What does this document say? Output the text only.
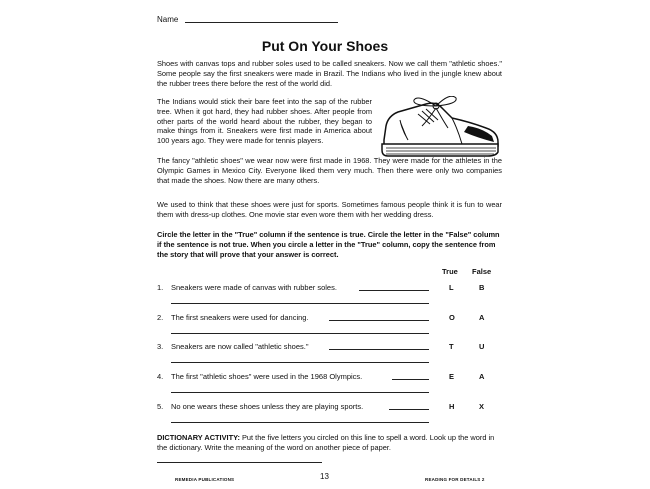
Name
Put On Your Shoes
Shoes with canvas tops and rubber soles used to be called sneakers. Now we call them "athletic shoes." Some people say the first sneakers were made in Brazil. The Indians who lived in the jungle knew about the rubber trees there before the rest of the world did.
The Indians would stick their bare feet into the sap of the rubber tree. When it got hard, they had rubber shoes. After people from other parts of the world heard about the rubber, they began to make things from it. Sneakers were first made in America about 100 years ago. They were made for tennis players.
The fancy "athletic shoes" we wear now were first made in 1968. They were made for the athletes in the Olympic Games in Mexico City. Everyone liked them very much. Then there were only two companies that made the shoes. Now there are many others.
We used to think that these shoes were just for sports. Sometimes famous people think it is fun to wear them with dress-up clothes. One movie star even wore them with her wedding dress.
Circle the letter in the "True" column if the sentence is true. Circle the letter in the "False" column if the sentence is not true. When you circle a letter in the "True" column, copy the sentence from the story that will prove that your answer is correct.
True False
1. Sneakers were made of canvas with rubber soles.	L	B
2. The first sneakers were used for dancing.	O	A
3. Sneakers are now called "athletic shoes."	T	U
4. The first "athletic shoes" were used in the 1968 Olympics.	E	A
5. No one wears these shoes unless they are playing sports.	H	X
DICTIONARY ACTIVITY: Put the five letters you circled on this line to spell a word. Look up the word in the dictionary. Write the meaning of the word on another piece of paper.
REMEDIA PUBLICATIONS	13	READING FOR DETAILS 2
